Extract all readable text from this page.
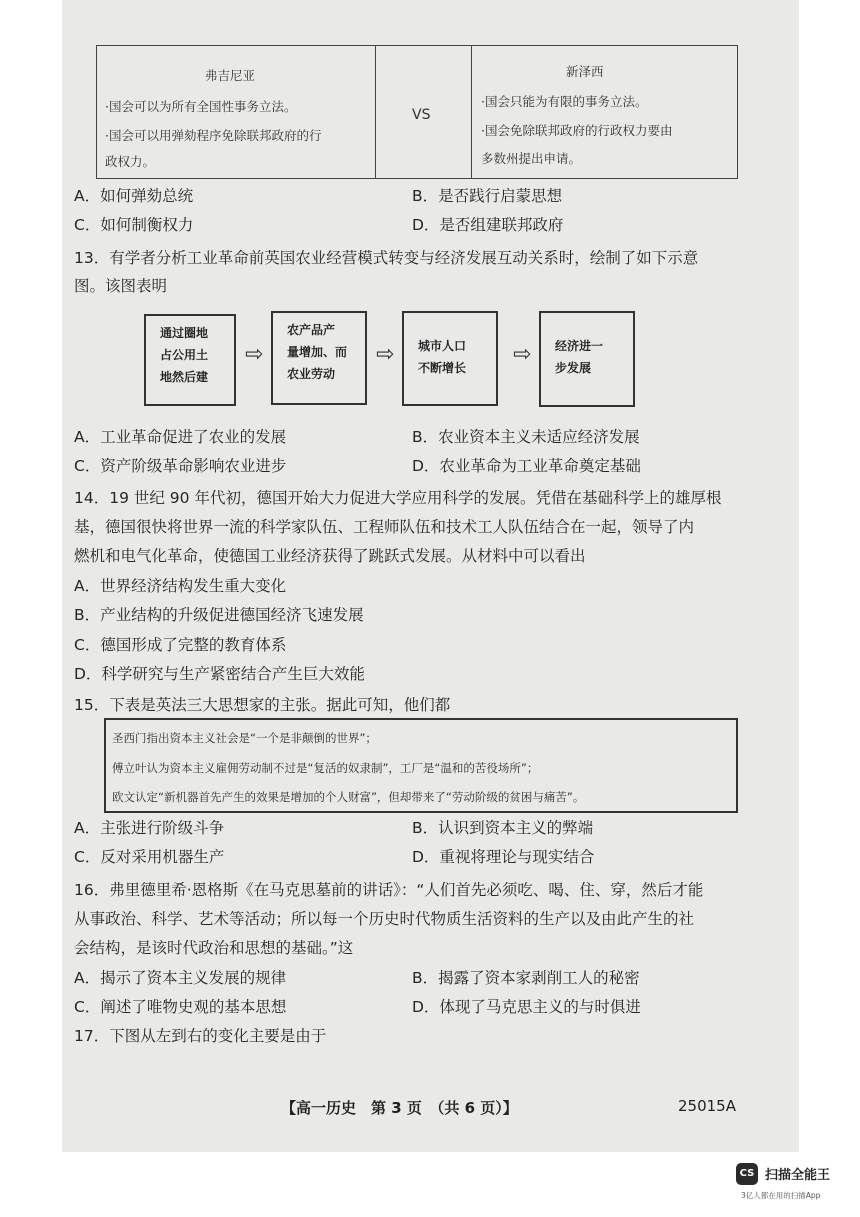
弗吉尼亚
·国会可以为所有全国性事务立法。
·国会可以用弹劾程序免除联邦政府的行
政权力。
VS
新泽西
·国会只能为有限的事务立法。
·国会免除联邦政府的行政权力要由
多数州提出申请。
A．如何弹劾总统	B．是否践行启蒙思想
C．如何制衡权力	D．是否组建联邦政府
13．有学者分析工业革命前英国农业经营模式转变与经济发展互动关系时，绘制了如下示意
图。该图表明
通过圈地
占公用土
地然后建
⇨
农产品产
量增加、而
农业劳动
⇨ 城市人口
不断增长
⇨ 经济进一
步发展
A．工业革命促进了农业的发展	B．农业资本主义未适应经济发展
C．资产阶级革命影响农业进步	D．农业革命为工业革命奠定基础
14．19 世纪 90 年代初，德国开始大力促进大学应用科学的发展。凭借在基础科学上的雄厚根
基，德国很快将世界一流的科学家队伍、工程师队伍和技术工人队伍结合在一起，领导了内
燃机和电气化革命，使德国工业经济获得了跳跃式发展。从材料中可以看出
A．世界经济结构发生重大变化
B．产业结构的升级促进德国经济飞速发展
C．德国形成了完整的教育体系
D．科学研究与生产紧密结合产生巨大效能
15．下表是英法三大思想家的主张。据此可知，他们都
圣西门指出资本主义社会是“一个是非颠倒的世界”；
傅立叶认为资本主义雇佣劳动制不过是“复活的奴隶制”，工厂是“温和的苦役场所”；
欧文认定“新机器首先产生的效果是增加的个人财富”，但却带来了“劳动阶级的贫困与痛苦”。
A．主张进行阶级斗争	B．认识到资本主义的弊端
C．反对采用机器生产	D．重视将理论与现实结合
16．弗里德里希·恩格斯《在马克思墓前的讲话》：“人们首先必须吃、喝、住、穿，然后才能
从事政治、科学、艺术等活动；所以每一个历史时代物质生活资料的生产以及由此产生的社
会结构，是该时代政治和思想的基础。”这
A．揭示了资本主义发展的规律	B．揭露了资本家剥削工人的秘密
C．阐述了唯物史观的基本思想	D．体现了马克思主义的与时俱进
17．下图从左到右的变化主要是由于
【高一历史　第 3 页　（共 6 页）】	25015A
CS 扫描全能王
3亿人都在用的扫描App
